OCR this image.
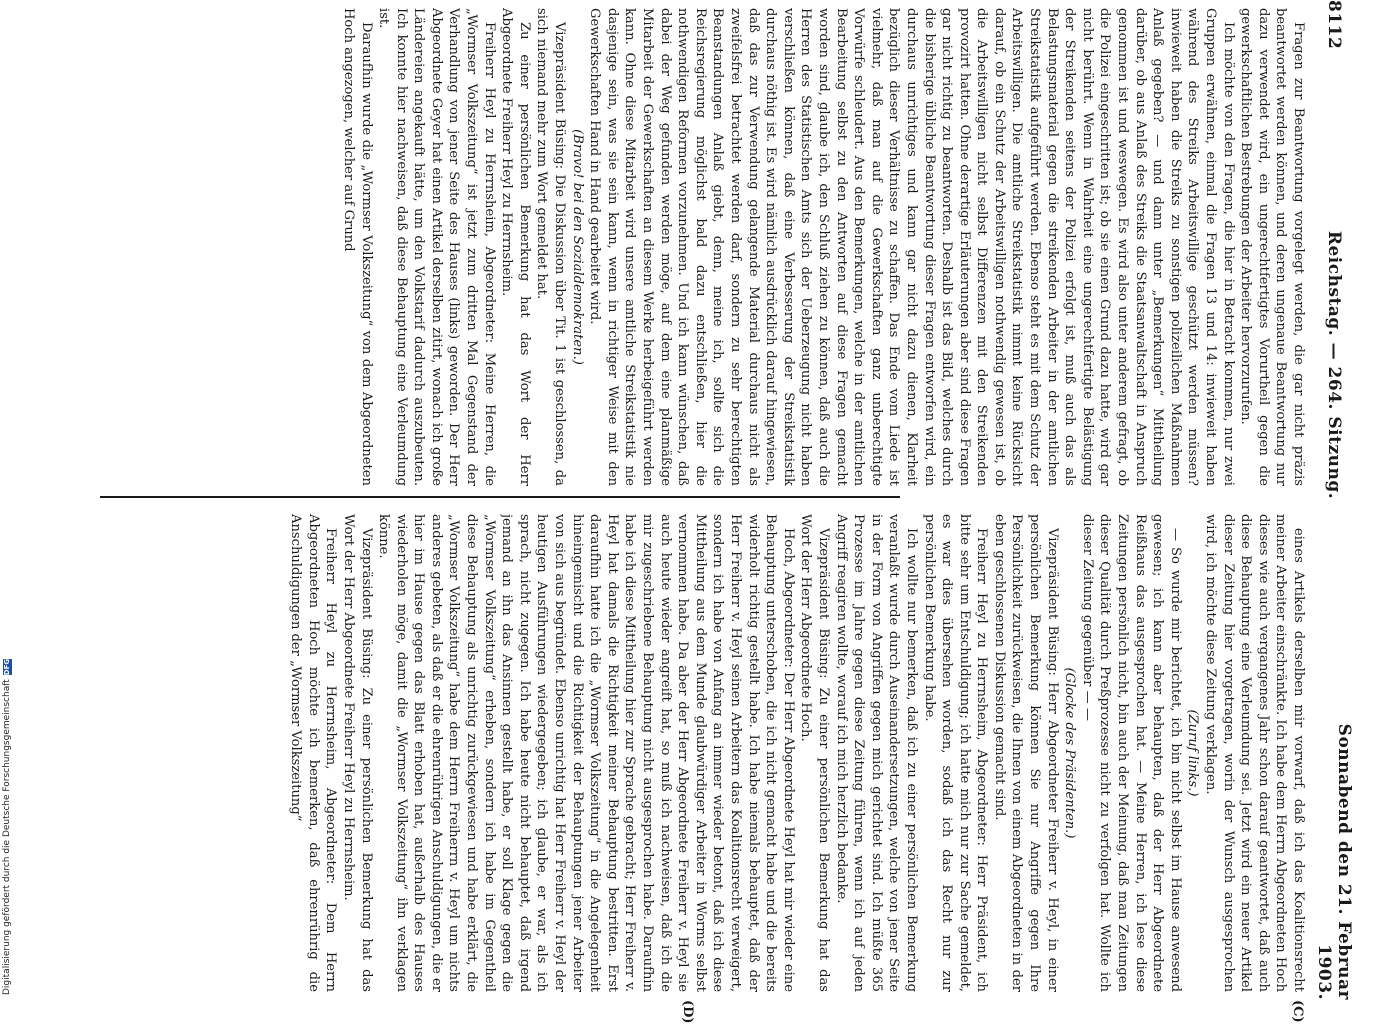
8112
Reichstag. — 264. Sitzung.
Sonnabend den 21. Februar 1903.
(C)
(D)

Fragen zur Beantwortung vorgelegt werden, die gar nicht präzis beantwortet werden können, und deren ungenaue Beantwortung nur dazu verwendet wird, ein ungerechtfertigtes Vorurtheil gegen die gewerkschaftlichen Bestrebungen der Arbeiter hervorzurufen.

Ich möchte von den Fragen, die hier in Betracht kommen, nur zwei Gruppen erwähnen, einmal die Fragen 13 und 14: inwieweit haben während des Streiks Arbeitswillige geschützt werden müssen? inwieweit haben die Streiks zu sonstigen polizeilichen Maßnahmen Anlaß gegeben? — und dann unter „Bemerkungen“ Mittheilung darüber, ob aus Anlaß des Streiks die Staatsanwaltschaft in Anspruch genommen ist und weswegen. Es wird also unter anderem gefragt, ob die Polizei eingeschritten ist; ob sie einen Grund dazu hatte, wird gar nicht berührt. Wenn in Wahrheit eine ungerechtfertigte Belästigung der Streikenden seitens der Polizei erfolgt ist, muß auch das als Belastungsmaterial gegen die streikenden Arbeiter in der amtlichen Streikstatistik aufgeführt werden. Ebenso steht es mit dem Schutz der Arbeitswilligen. Die amtliche Streikstatistik nimmt keine Rücksicht darauf, ob ein Schutz der Arbeitswilligen nothwendig gewesen ist, ob die Arbeitswilligen nicht selbst Differenzen mit den Streikenden provozirt hatten. Ohne derartige Erläuterungen aber sind diese Fragen gar nicht richtig zu beantworten. Deshalb ist das Bild, welches durch die bisherige übliche Beantwortung dieser Fragen entworfen wird, ein durchaus unrichtiges und kann gar nicht dazu dienen, Klarheit bezüglich dieser Verhältnisse zu schaffen. Das Ende vom Liede ist vielmehr, daß man auf die Gewerkschaften ganz unberechtigte Vorwürfe schleudert. Aus den Bemerkungen, welche in der amtlichen Bearbeitung selbst zu den Antworten auf diese Fragen gemacht worden sind, glaube ich, den Schluß ziehen zu können, daß auch die Herren des Statistischen Amts sich der Ueberzeugung nicht haben verschließen können, daß eine Verbesserung der Streikstatistik durchaus nöthig ist. Es wird nämlich ausdrücklich darauf hingewiesen, daß das zur Verwendung gelangende Material durchaus nicht als zweifelsfrei betrachtet werden darf, sondern zu sehr berechtigten Beanstandungen Anlaß giebt, denn, meine ich, sollte sich die Reichsregierung möglichst bald dazu entschließen, hier die nothwendigen Reformen vorzunehmen. Und ich kann wünschen, daß dabei der Weg gefunden werden möge, auf dem eine planmäßige Mitarbeit der Gewerkschaften an diesem Werke herbeigeführt werden kann. Ohne diese Mitarbeit wird unsere amtliche Streikstatistik nie dasjenige sein, was sie sein kann, wenn in richtiger Weise mit den Gewerkschaften Hand in Hand gearbeitet wird.

(Bravo! bei den Sozialdemokraten.)

Vizepräsident Büsing: Die Diskussion über Tit. 1 ist geschlossen, da sich niemand mehr zum Wort gemeldet hat.

Zu einer persönlichen Bemerkung hat das Wort der Herr Abgeordnete Freiherr Heyl zu Herrnsheim.

Freiherr Heyl zu Herrnsheim, Abgeordneter: Meine Herren, die „Wormser Volkszeitung“ ist jetzt zum dritten Mal Gegenstand der Verhandlung von jener Seite des Hauses (links) geworden. Der Herr Abgeordnete Geyer hat einen Artikel derselben zitirt, wonach ich große Ländereien angekauft hätte, um den Volkstarif dadurch auszubeuten. Ich konnte hier nachweisen, daß diese Behauptung eine Verleumdung ist.

Daraufhin wurde die „Wormser Volkszeitung“ von dem Abgeordneten Hoch angezogen, welcher auf Grund

eines Artikels derselben mir vorwarf, daß ich das Koalitionsrecht meiner Arbeiter einschränkte. Ich habe dem Herrn Abgeordneten Hoch dieses wie auch vergangenes Jahr schon darauf geantwortet, daß auch diese Behauptung eine Verleumdung sei. Jetzt wird ein neuer Artikel dieser Zeitung hier vorgetragen, worin der Wunsch ausgesprochen wird, ich möchte diese Zeitung verklagen.

(Zuruf links.)

— So wurde mir berichtet, ich bin nicht selbst im Hause anwesend gewesen; ich kann aber behaupten, daß der Herr Abgeordnete Reißhaus das ausgesprochen hat. — Meine Herren, ich lese diese Zeitungen persönlich nicht, bin auch der Meinung, daß man Zeitungen dieser Qualität durch Preßprozesse nicht zu verfolgen hat. Wollte ich dieser Zeitung gegenüber — —

(Glocke des Präsidenten.)

Vizepräsident Büsing: Herr Abgeordneter Freiherr v. Heyl, in einer persönlichen Bemerkung können Sie nur Angriffe gegen Ihre Persönlichkeit zurückweisen, die Ihnen von einem Abgeordneten in der eben geschlossenen Diskussion gemacht sind.

Freiherr Heyl zu Herrnsheim, Abgeordneter: Herr Präsident, ich bitte sehr um Entschuldigung; ich hatte mich nur zur Sache gemeldet, es war dies übersehen worden, sodaß ich das Recht nur zur persönlichen Bemerkung habe.

Ich wollte nur bemerken, daß ich zu einer persönlichen Bemerkung veranlaßt wurde durch Auseinandersetzungen, welche von jener Seite in der Form von Angriffen gegen mich gerichtet sind. Ich müßte 365 Prozesse im Jahre gegen diese Zeitung führen, wenn ich auf jeden Angriff reagiren wollte, worauf ich mich herzlich bedanke.

Vizepräsident Büsing: Zu einer persönlichen Bemerkung hat das Wort der Herr Abgeordnete Hoch.

Hoch, Abgeordneter: Der Herr Abgeordnete Heyl hat mir wieder eine Behauptung unterschoben, die ich nicht gemacht habe und die bereits widerholt richtig gestellt habe. Ich habe niemals behauptet, daß der Herr Freiherr v. Heyl seinen Arbeitern das Koalitionsrecht verweigert, sondern ich habe von Anfang an immer wieder betont, daß ich diese Mittheilung aus dem Munde glaubwürdiger Arbeiter in Worms selbst vernommen habe. Da aber der Herr Abgeordnete Freiherr v. Heyl sie auch heute wieder angreift hat, so muß ich nachweisen, daß ich die mir zugeschriebene Behauptung nicht ausgesprochen habe. Daraufhin habe ich diese Mittheilung hier zur Sprache gebracht; Herr Freiherr v. Heyl hat damals die Richtigkeit meiner Behauptung bestritten. Erst daraufhin hatte ich die „Wormser Volkszeitung“ in die Angelegenheit hineingemischt und die Richtigkeit der Behauptungen jener Arbeiter von sich aus begründet. Ebenso unrichtig hat Herr Freiherr v. Heyl der heutigen Ausführungen wiedergegeben; ich glaube, er war, als ich sprach, nicht zugegen. Ich habe heute nicht behauptet, daß irgend jemand an ihn das Ansinnen gestellt habe, er soll Klage gegen die „Wormser Volkszeitung“ erheben, sondern ich habe im Gegentheil diese Behauptung als unrichtig zurückgewiesen und habe erklärt, die „Wormser Volkszeitung“ habe dem Herrn Freiherrn v. Heyl um nichts anderes gebeten, als daß er die ehrenrührigen Anschuldigungen, die er hier im Hause gegen das Blatt erhoben hat, außerhalb des Hauses wiederholen möge, damit die „Wormser Volkszeitung“ ihn verklagen könne.

Vizepräsident Büsing: Zu einer persönlichen Bemerkung hat das Wort der Herr Abgeordnete Freiherr Heyl zu Herrnsheim.

Freiherr Heyl zu Herrnsheim, Abgeordneter: Dem Herrn Abgeordneten Hoch möchte ich bemerken, daß ehrenrührig die Anschuldigungen der „Wormser Volkszeitung“

Digitalisierung gefördert durch die Deutsche Forschungsgemeinschaft
DFG
